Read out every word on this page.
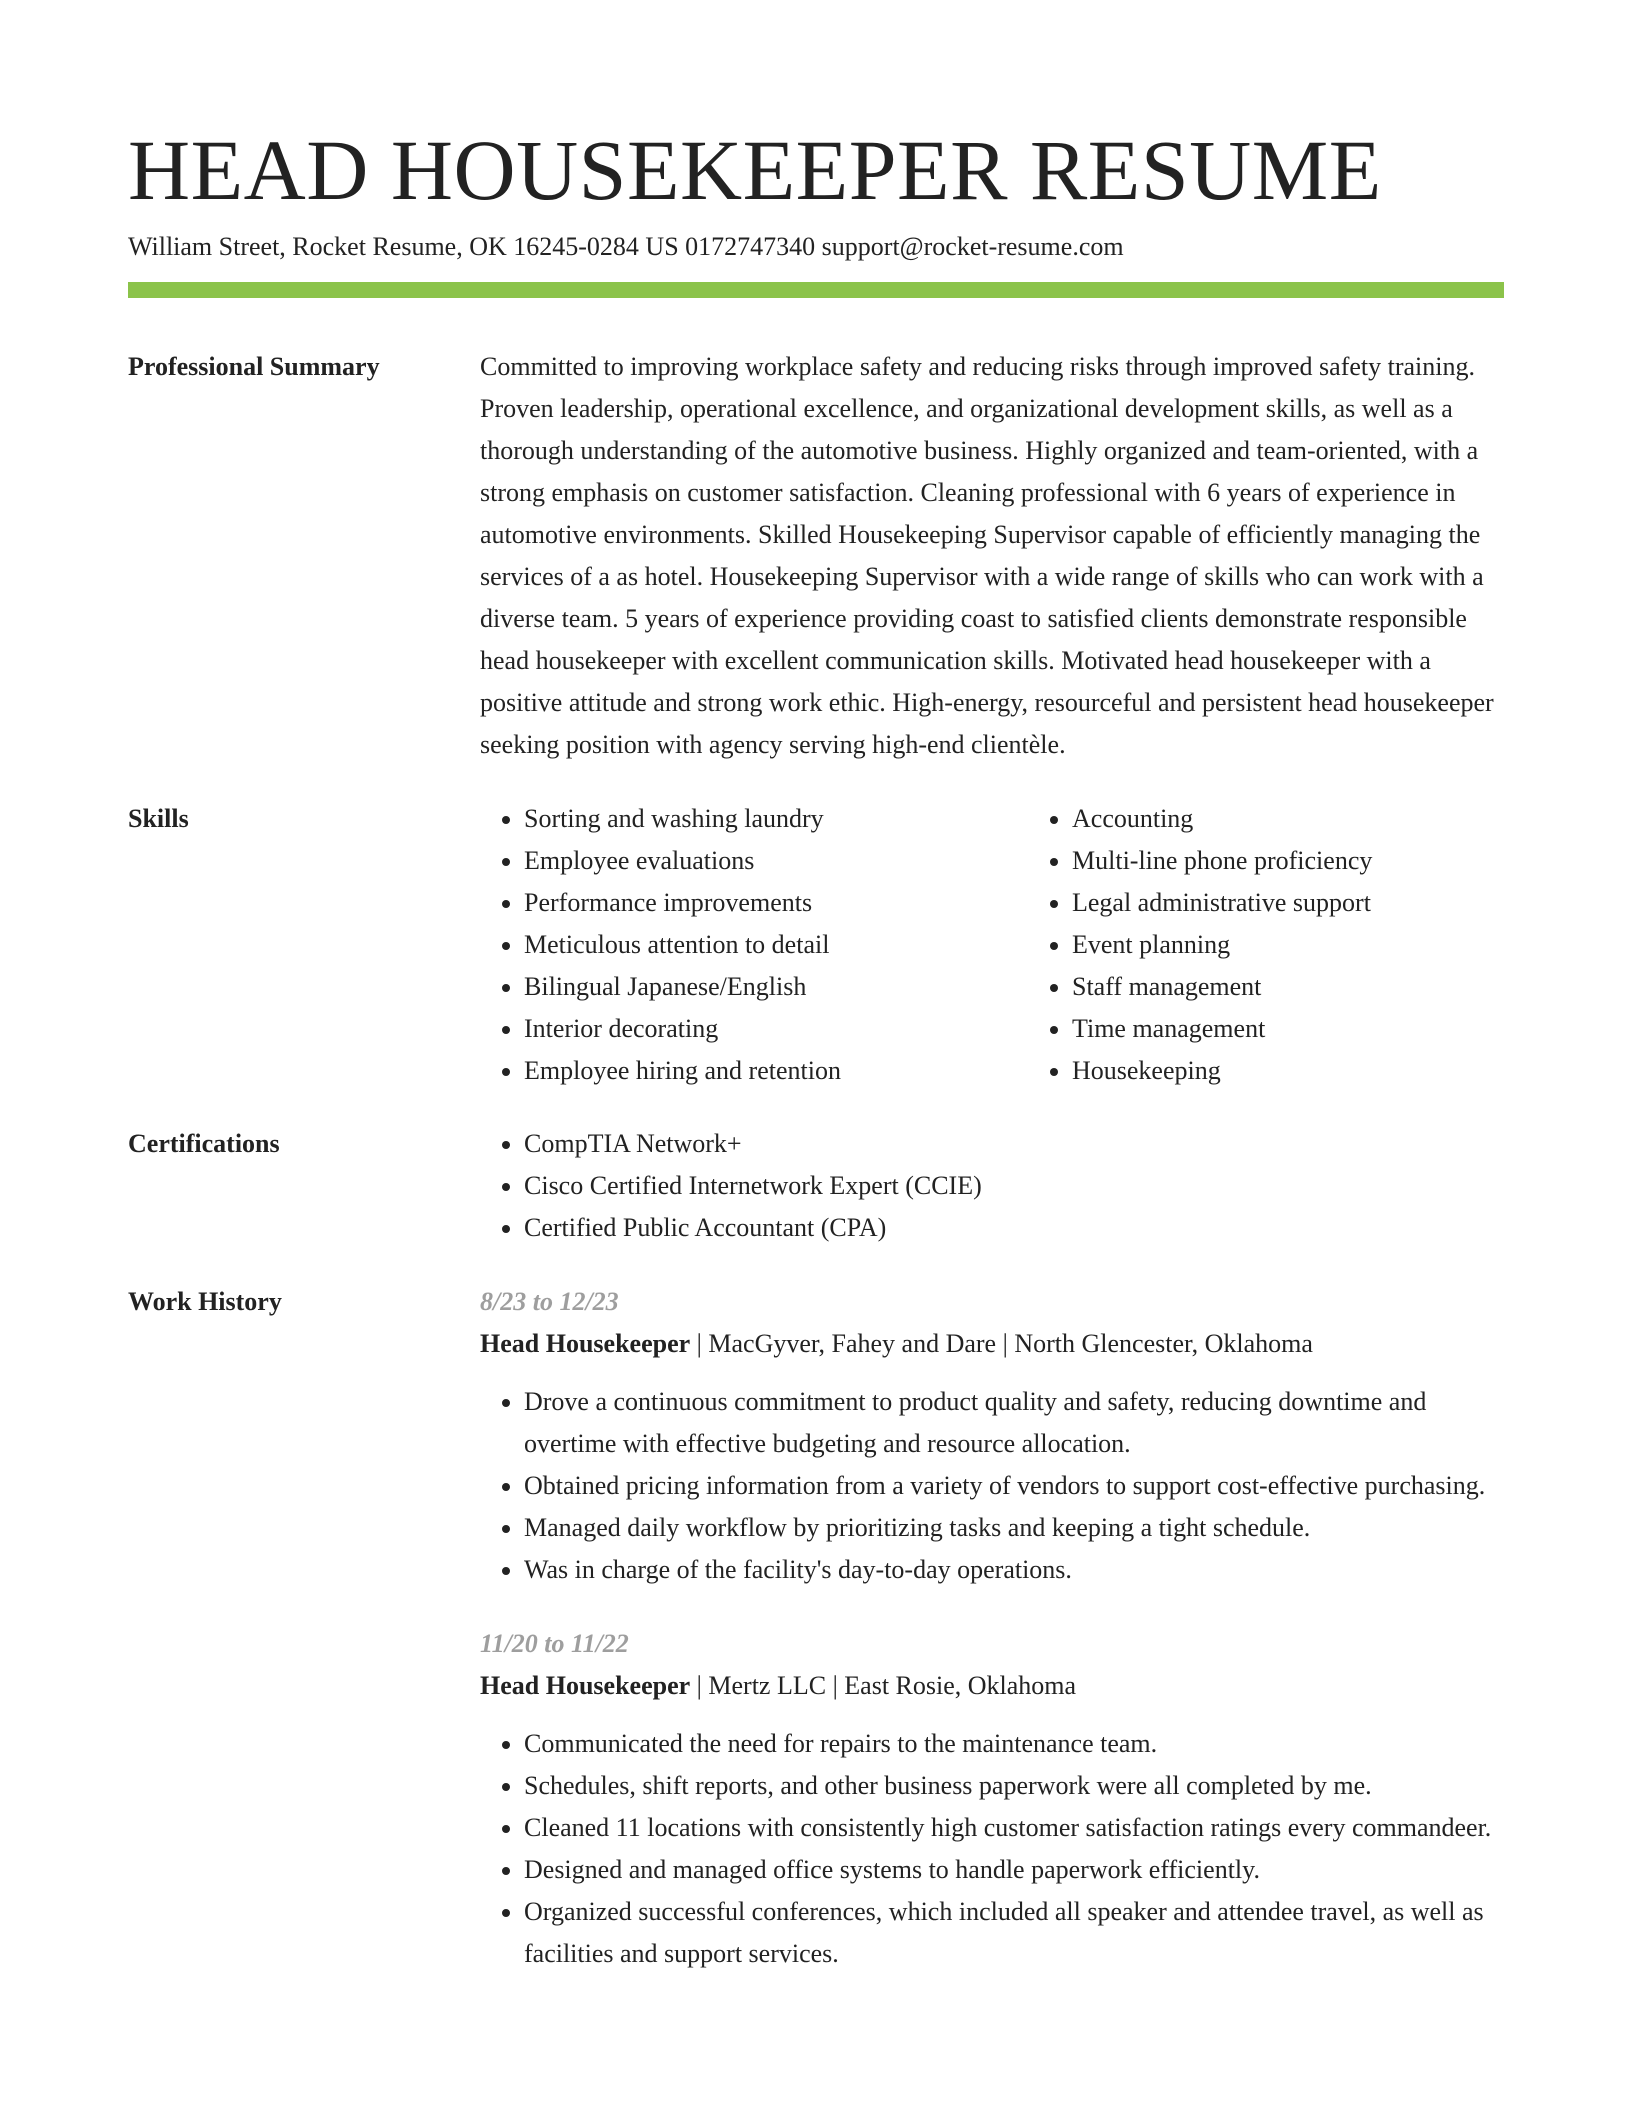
HEAD HOUSEKEEPER RESUME
William Street, Rocket Resume, OK 16245-0284 US 0172747340 support@rocket-resume.com
Professional Summary	Committed to improving workplace safety and reducing risks through improved safety training. Proven leadership, operational excellence, and organizational development skills, as well as a thorough understanding of the automotive business. Highly organized and team-oriented, with a strong emphasis on customer satisfaction. Cleaning professional with 6 years of experience in automotive environments. Skilled Housekeeping Supervisor capable of efficiently managing the services of a as hotel. Housekeeping Supervisor with a wide range of skills who can work with a diverse team. 5 years of experience providing coast to satisfied clients demonstrate responsible head housekeeper with excellent communication skills. Motivated head housekeeper with a positive attitude and strong work ethic. High-energy, resourceful and persistent head housekeeper seeking position with agency serving high-end clientèle.
Skills	• Sorting and washing laundry
• Employee evaluations
• Performance improvements
• Meticulous attention to detail
• Bilingual Japanese/English
• Interior decorating
• Employee hiring and retention
• Accounting
• Multi-line phone proficiency
• Legal administrative support
• Event planning
• Staff management
• Time management
• Housekeeping
Certifications	• CompTIA Network+
• Cisco Certified Internetwork Expert (CCIE)
• Certified Public Accountant (CPA)
Work History	8/23 to 12/23
Head Housekeeper | MacGyver, Fahey and Dare | North Glencester, Oklahoma
• Drove a continuous commitment to product quality and safety, reducing downtime and overtime with effective budgeting and resource allocation.
• Obtained pricing information from a variety of vendors to support cost-effective purchasing.
• Managed daily workflow by prioritizing tasks and keeping a tight schedule.
• Was in charge of the facility's day-to-day operations.
11/20 to 11/22
Head Housekeeper | Mertz LLC | East Rosie, Oklahoma
• Communicated the need for repairs to the maintenance team.
• Schedules, shift reports, and other business paperwork were all completed by me.
• Cleaned 11 locations with consistently high customer satisfaction ratings every commandeer.
• Designed and managed office systems to handle paperwork efficiently.
• Organized successful conferences, which included all speaker and attendee travel, as well as facilities and support services.
